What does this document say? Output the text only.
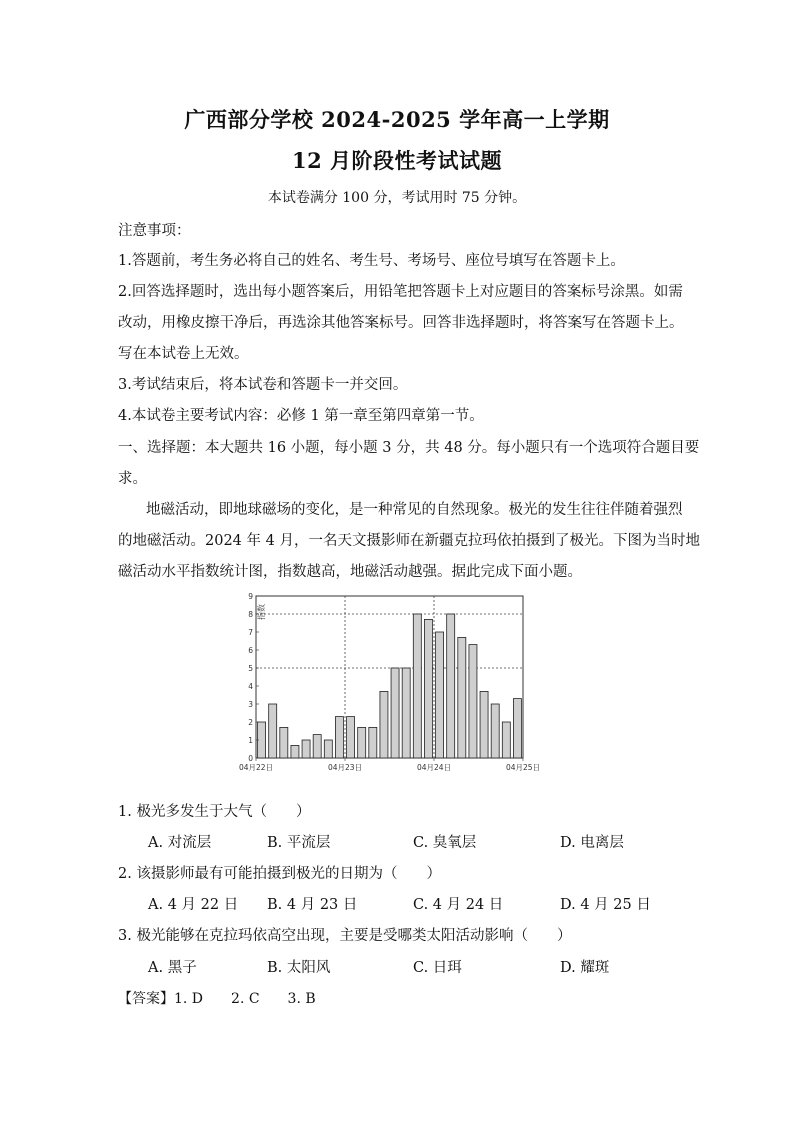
广西部分学校 2024-2025 学年高一上学期
12 月阶段性考试试题
本试卷满分 100 分，考试用时 75 分钟。
注意事项：
1.答题前，考生务必将自己的姓名、考生号、考场号、座位号填写在答题卡上。
2.回答选择题时，选出每小题答案后，用铅笔把答题卡上对应题目的答案标号涂黑。如需
改动，用橡皮擦干净后，再选涂其他答案标号。回答非选择题时，将答案写在答题卡上。
写在本试卷上无效。
3.考试结束后，将本试卷和答题卡一并交回。
4.本试卷主要考试内容：必修 1 第一章至第四章第一节。
一、选择题：本大题共 16 小题，每小题 3 分，共 48 分。每小题只有一个选项符合题目要
求。
地磁活动，即地球磁场的变化，是一种常见的自然现象。极光的发生往往伴随着强烈
的地磁活动。2024 年 4 月，一名天文摄影师在新疆克拉玛依拍摄到了极光。下图为当时地
磁活动水平指数统计图，指数越高，地磁活动越强。据此完成下面小题。
0
1
2
3
4
5
6
7
8
9
指数
04月22日	04月23日	04月24日	04月25日
1. 极光多发生于大气（　　）
A. 对流层	B. 平流层	C. 臭氧层	D. 电离层
2. 该摄影师最有可能拍摄到极光的日期为（　　）
A. 4 月 22 日 B. 4 月 23 日	C. 4 月 24 日	D. 4 月 25 日
3. 极光能够在克拉玛依高空出现，主要是受哪类太阳活动影响（　　）
A. 黑子	B. 太阳风	C. 日珥	D. 耀斑
【答案】1. D　　2. C　　3. B
